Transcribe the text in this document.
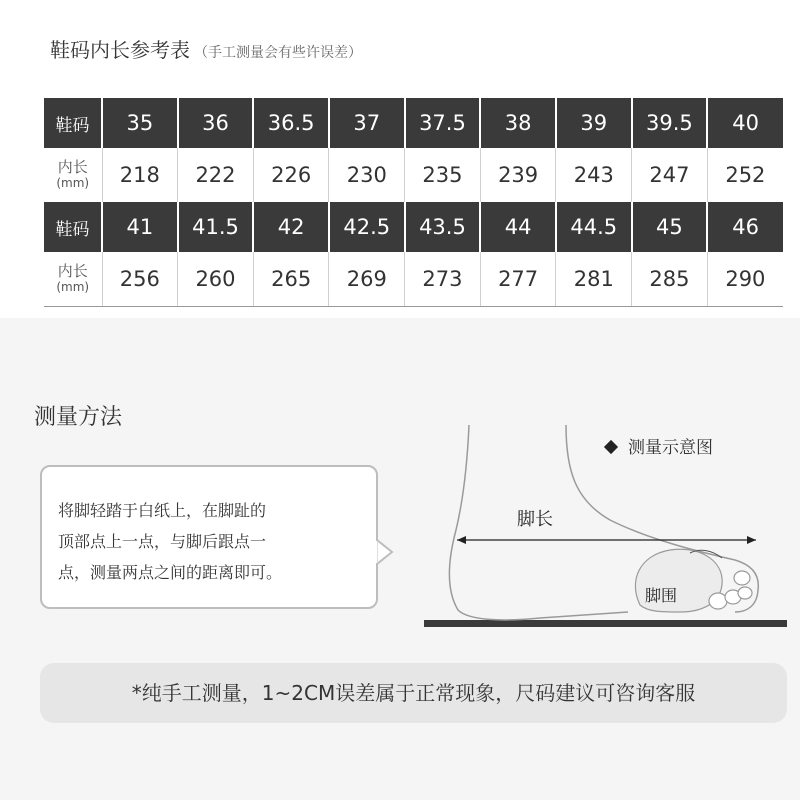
鞋码内长参考表 （手工测量会有些许误差）
鞋码	35	36	36.5	37	37.5	38	39	39.5	40
内长
(mm)	218	222	226	230	235	239	243	247	252
鞋码	41	41.5	42	42.5	43.5	44	44.5	45	46
内长
(mm)	256	260	265	269	273	277	281	285	290
测量方法
将脚轻踏于白纸上，在脚趾的
顶部点上一点，与脚后跟点一
点，测量两点之间的距离即可。
测量示意图
脚长
脚围
*纯手工测量，1~2CM误差属于正常现象，尺码建议可咨询客服
